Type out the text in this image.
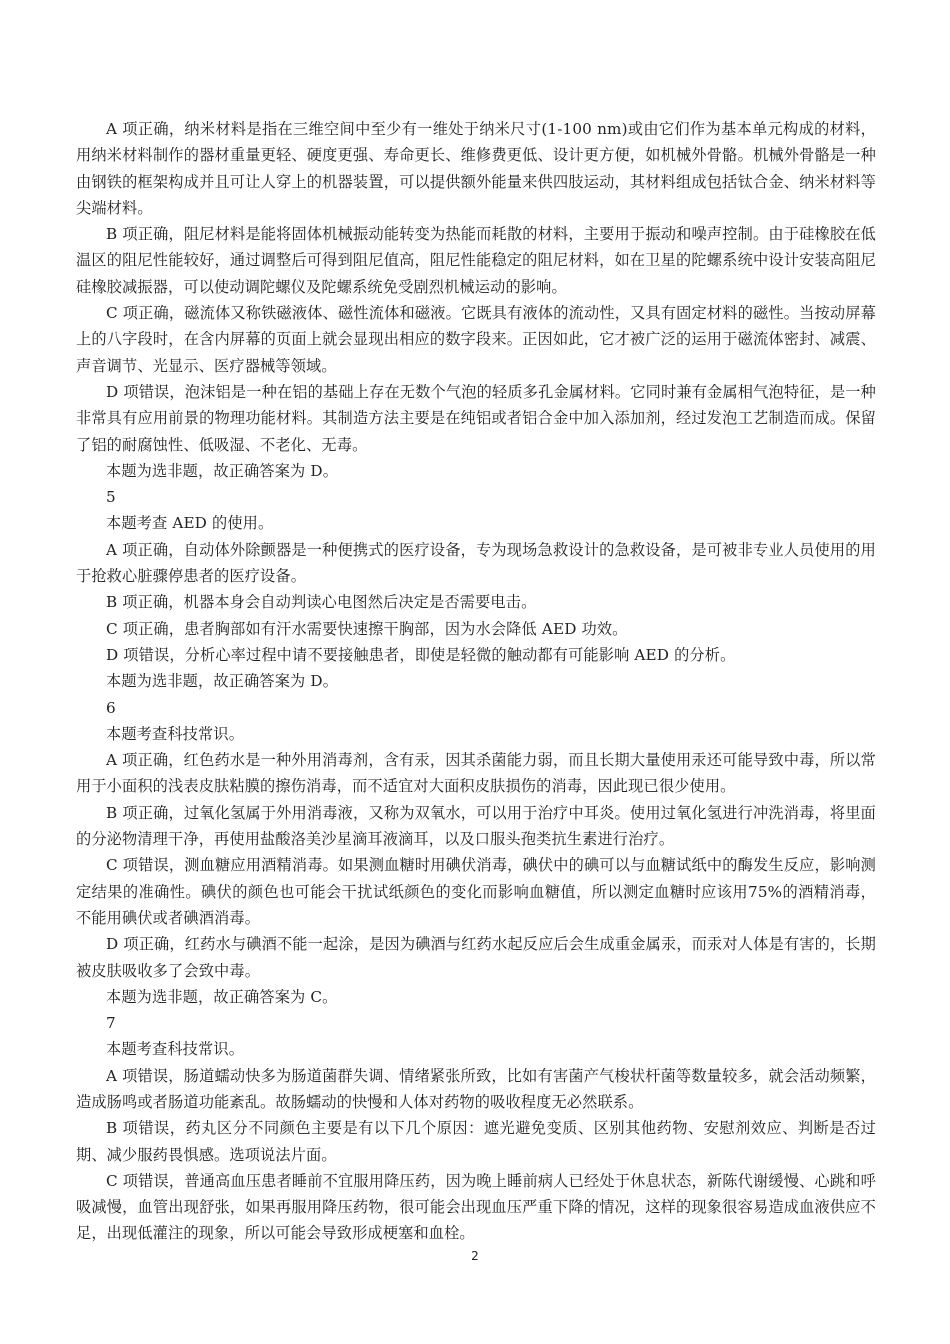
A 项正确，纳米材料是指在三维空间中至少有一维处于纳米尺寸(1-100 nm)或由它们作为基本单元构成的材料，用纳米材料制作的器材重量更轻、硬度更强、寿命更长、维修费更低、设计更方便，如机械外骨骼。机械外骨骼是一种由钢铁的框架构成并且可让人穿上的机器装置，可以提供额外能量来供四肢运动，其材料组成包括钛合金、纳米材料等尖端材料。

B 项正确，阻尼材料是能将固体机械振动能转变为热能而耗散的材料，主要用于振动和噪声控制。由于硅橡胶在低温区的阻尼性能较好，通过调整后可得到阻尼值高，阻尼性能稳定的阻尼材料，如在卫星的陀螺系统中设计安装高阻尼硅橡胶减振器，可以使动调陀螺仪及陀螺系统免受剧烈机械运动的影响。

C 项正确，磁流体又称铁磁液体、磁性流体和磁液。它既具有液体的流动性，又具有固定材料的磁性。当按动屏幕上的八字段时，在含内屏幕的页面上就会显现出相应的数字段来。正因如此，它才被广泛的运用于磁流体密封、减震、声音调节、光显示、医疗器械等领域。

D 项错误，泡沫铝是一种在铝的基础上存在无数个气泡的轻质多孔金属材料。它同时兼有金属相气泡特征，是一种非常具有应用前景的物理功能材料。其制造方法主要是在纯铝或者铝合金中加入添加剂，经过发泡工艺制造而成。保留了铝的耐腐蚀性、低吸湿、不老化、无毒。

本题为选非题，故正确答案为 D。

5

本题考查 AED 的使用。

A 项正确，自动体外除颤器是一种便携式的医疗设备，专为现场急救设计的急救设备，是可被非专业人员使用的用于抢救心脏骤停患者的医疗设备。

B 项正确，机器本身会自动判读心电图然后决定是否需要电击。

C 项正确，患者胸部如有汗水需要快速擦干胸部，因为水会降低 AED 功效。

D 项错误，分析心率过程中请不要接触患者，即使是轻微的触动都有可能影响 AED 的分析。

本题为选非题，故正确答案为 D。

6

本题考查科技常识。

A 项正确，红色药水是一种外用消毒剂，含有汞，因其杀菌能力弱，而且长期大量使用汞还可能导致中毒，所以常用于小面积的浅表皮肤粘膜的擦伤消毒，而不适宜对大面积皮肤损伤的消毒，因此现已很少使用。

B 项正确，过氧化氢属于外用消毒液，又称为双氧水，可以用于治疗中耳炎。使用过氧化氢进行冲洗消毒，将里面的分泌物清理干净，再使用盐酸洛美沙星滴耳液滴耳，以及口服头孢类抗生素进行治疗。

C 项错误，测血糖应用酒精消毒。如果测血糖时用碘伏消毒，碘伏中的碘可以与血糖试纸中的酶发生反应，影响测定结果的准确性。碘伏的颜色也可能会干扰试纸颜色的变化而影响血糖值，所以测定血糖时应该用75%的酒精消毒，不能用碘伏或者碘酒消毒。

D 项正确，红药水与碘酒不能一起涂，是因为碘酒与红药水起反应后会生成重金属汞，而汞对人体是有害的，长期被皮肤吸收多了会致中毒。

本题为选非题，故正确答案为 C。

7

本题考查科技常识。

A 项错误，肠道蠕动快多为肠道菌群失调、情绪紧张所致，比如有害菌产气梭状杆菌等数量较多，就会活动频繁，造成肠鸣或者肠道功能紊乱。故肠蠕动的快慢和人体对药物的吸收程度无必然联系。

B 项错误，药丸区分不同颜色主要是有以下几个原因：遮光避免变质、区别其他药物、安慰剂效应、判断是否过期、减少服药畏惧感。选项说法片面。

C 项错误，普通高血压患者睡前不宜服用降压药，因为晚上睡前病人已经处于休息状态，新陈代谢缓慢、心跳和呼吸减慢，血管出现舒张，如果再服用降压药物，很可能会出现血压严重下降的情况，这样的现象很容易造成血液供应不足，出现低灌注的现象，所以可能会导致形成梗塞和血栓。

2
